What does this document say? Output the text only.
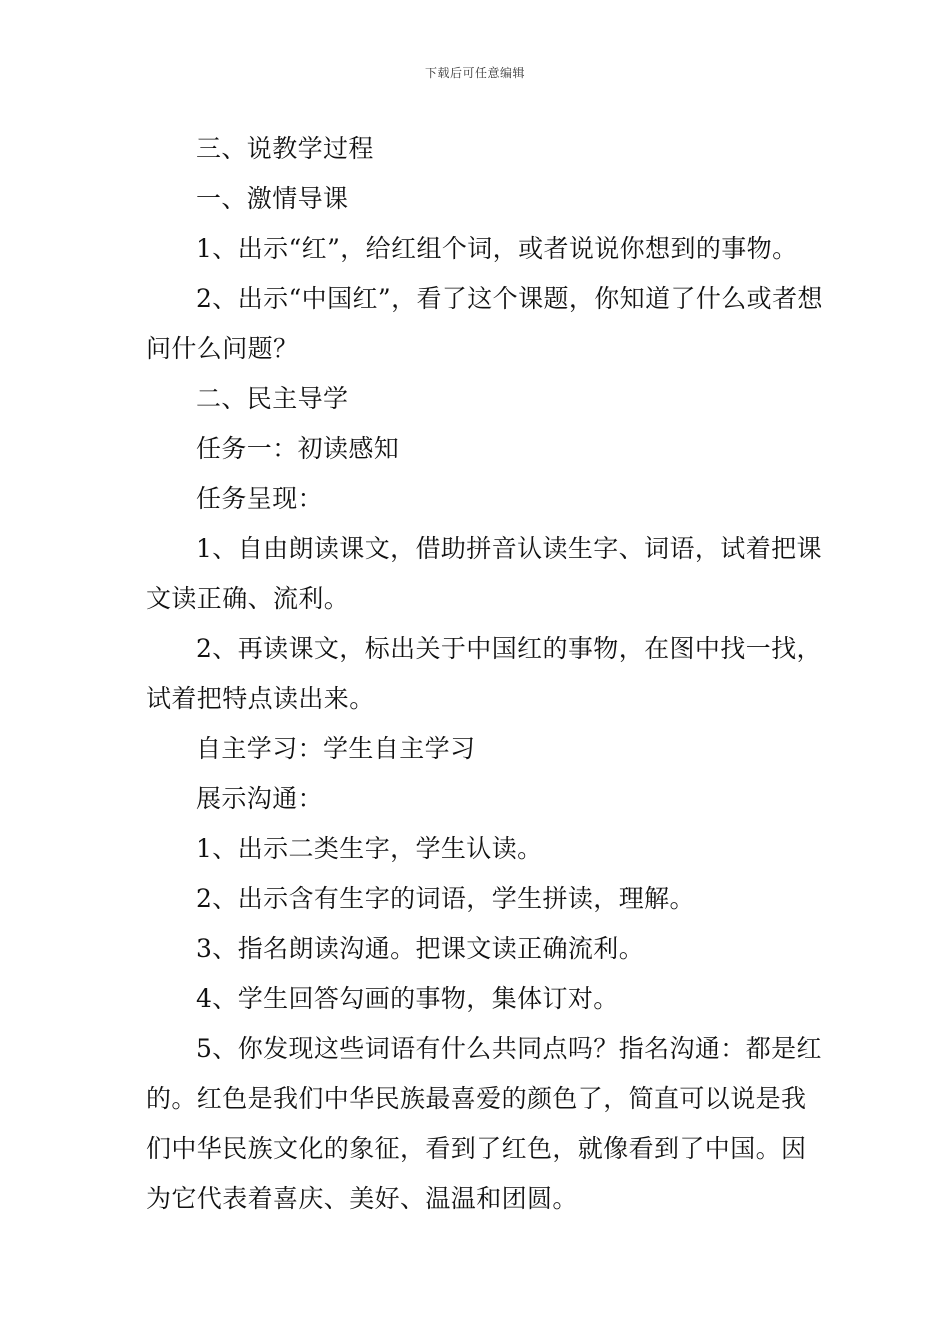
下载后可任意编辑

三、说教学过程

一、激情导课

1、出示“红”，给红组个词，或者说说你想到的事物。

2、出示“中国红”，看了这个课题，你知道了什么或者想问什么问题？

二、民主导学

任务一：初读感知

任务呈现：

1、自由朗读课文，借助拼音认读生字、词语，试着把课文读正确、流利。

2、再读课文，标出关于中国红的事物，在图中找一找，试着把特点读出来。

自主学习：学生自主学习

展示沟通：

1、出示二类生字，学生认读。

2、出示含有生字的词语，学生拼读，理解。

3、指名朗读沟通。把课文读正确流利。

4、学生回答勾画的事物，集体订对。

5、你发现这些词语有什么共同点吗？指名沟通：都是红的。红色是我们中华民族最喜爱的颜色了，简直可以说是我们中华民族文化的象征，看到了红色，就像看到了中国。因为它代表着喜庆、美好、温温和团圆。
